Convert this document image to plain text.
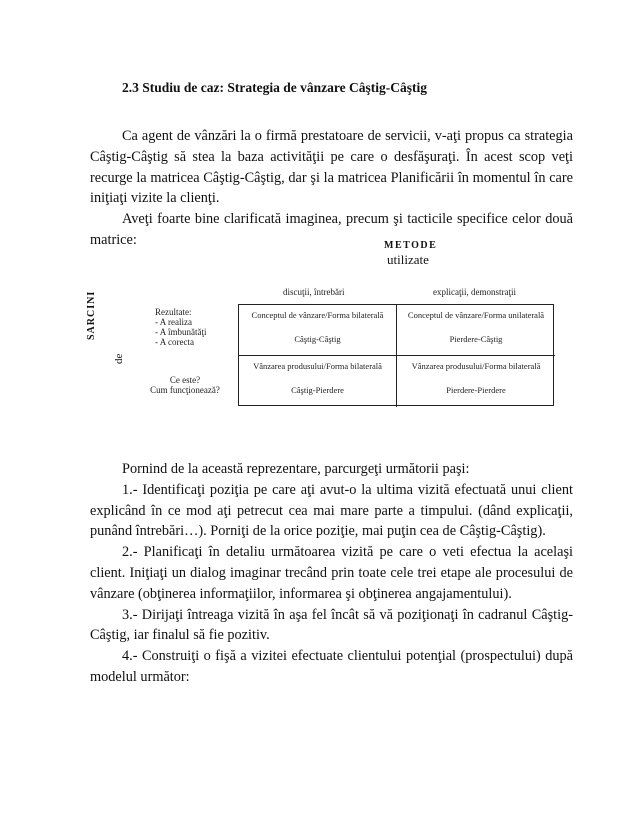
2.3 Studiu de caz: Strategia de vânzare Câştig-Câştig

Ca agent de vânzări la o firmă prestatoare de servicii, v-aţi propus ca strategia Câştig-Câştig să stea la baza activităţii pe care o desfăşuraţi. În acest scop veţi recurge la matricea Câştig-Câştig, dar şi la matricea Planificării în momentul în care iniţiaţi vizite la clienţi.

Aveţi foarte bine clarificată imaginea, precum şi tacticile specifice celor două matrice:	METODE
utilizate
discuţii, întrebări	explicaţii, demonstraţii
SARCINI
de
Rezultate:
- A realiza
- A îmbunătăţi
- A corecta
Ce este?
Cum funcţionează?
Conceptul de vânzare/Forma bilaterală
Câştig-Câştig
Conceptul de vânzare/Forma unilaterală
Pierdere-Câştig
Vânzarea produsului/Forma bilaterală
Câştig-Pierdere
Vânzarea produsului/Forma bilaterală
Pierdere-Pierdere

Pornind de la această reprezentare, parcurgeţi următorii paşi:

1.- Identificaţi poziţia pe care aţi avut-o la ultima vizită efectuată unui client explicând în ce mod aţi petrecut cea mai mare parte a timpului. (dând explicaţii, punând întrebări…). Porniţi de la orice poziţie, mai puţin cea de Câştig-Câştig).

2.- Planificaţi în detaliu următoarea vizită pe care o veti efectua la acelaşi client. Iniţiaţi un dialog imaginar trecând prin toate cele trei etape ale procesului de vânzare (obţinerea informaţiilor, informarea şi obţinerea angajamentului).

3.- Dirijaţi întreaga vizită în aşa fel încât să vă poziţionaţi în cadranul Câştig-Câştig, iar finalul să fie pozitiv.

4.- Construiţi o fişă a vizitei efectuate clientului potenţial (prospectului) după modelul următor:
